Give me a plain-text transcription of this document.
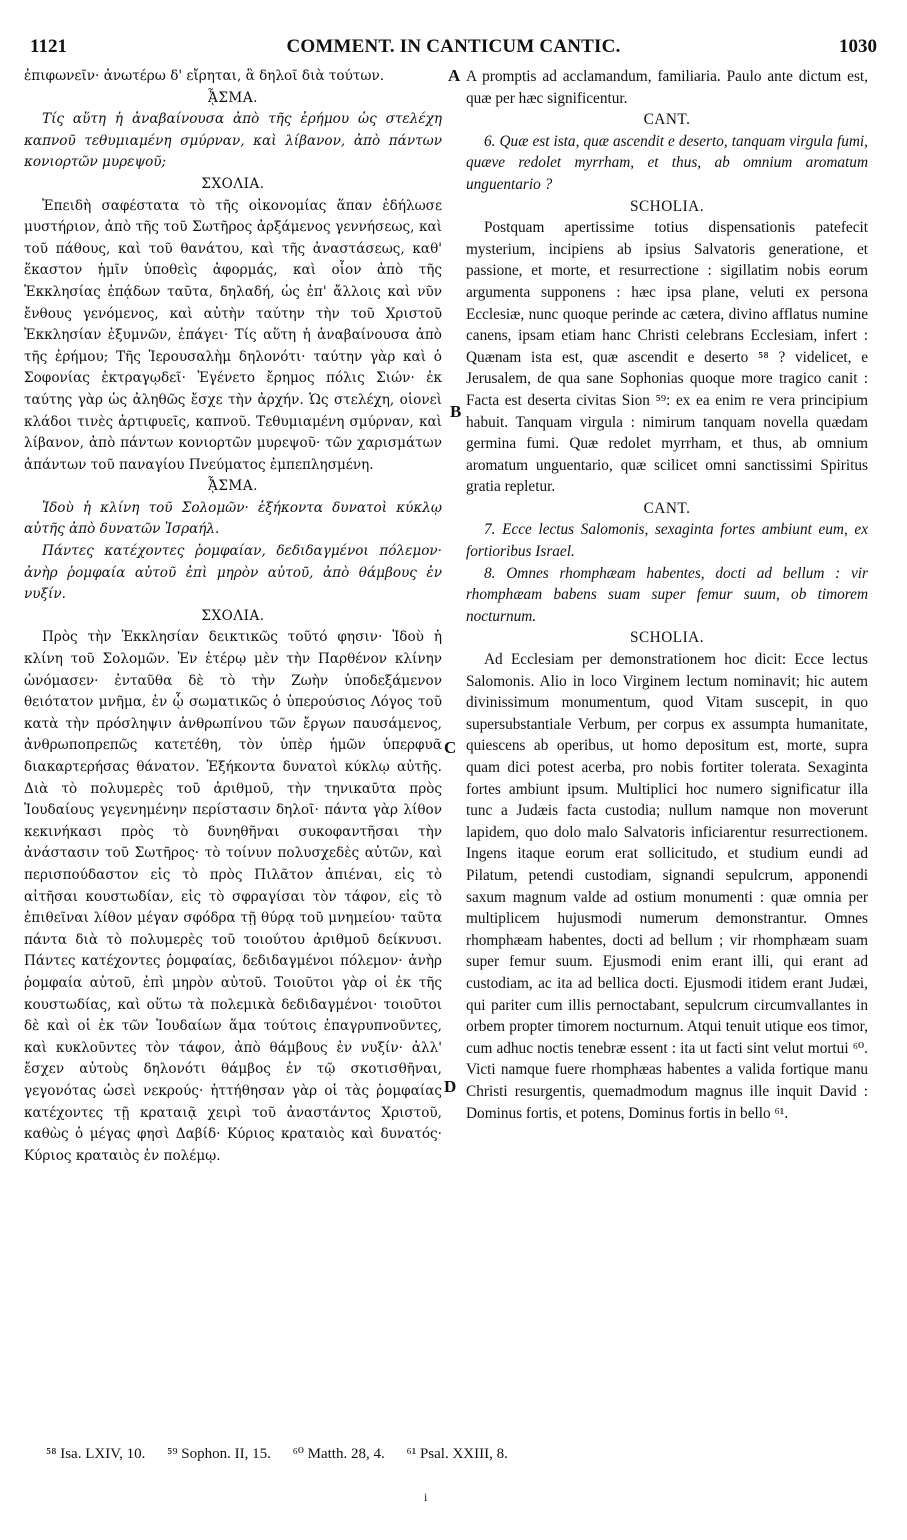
1121	COMMENT. IN CANTICUM CANTIC.	1030

ἐπιφωνεῖν· ἀνωτέρω δ' εἴρηται, ἃ δηλοῖ διὰ τούτων.

ᾎΣΜΑ.

Τίς αὕτη ἡ ἀναβαίνουσα ἀπὸ τῆς ἐρήμου ὡς στελέχη καπνοῦ τεθυμιαμένη σμύρναν, καὶ λίβανον, ἀπὸ πάντων κονιορτῶν μυρεψοῦ;

ΣΧΟΛΙΑ.

Ἐπειδὴ σαφέστατα τὸ τῆς οἰκονομίας ἅπαν ἐδήλωσε μυστήριον, ἀπὸ τῆς τοῦ Σωτῆρος ἀρξάμενος γεννήσεως, καὶ τοῦ πάθους, καὶ τοῦ θανάτου, καὶ τῆς ἀναστάσεως, καθ' ἕκαστον ἡμῖν ὑποθεὶς ἀφορμάς, καὶ οἷον ἀπὸ τῆς Ἐκκλησίας ἐπᾴδων ταῦτα, δηλαδή, ὡς ἐπ' ἄλλοις καὶ νῦν ἔνθους γενόμενος, καὶ αὐτὴν ταύτην τὴν τοῦ Χριστοῦ Ἐκκλησίαν ἐξυμνῶν, ἐπάγει· Τίς αὕτη ἡ ἀναβαίνουσα ἀπὸ τῆς ἐρήμου; Τῆς Ἱερουσαλὴμ δηλονότι· ταύτην γὰρ καὶ ὁ Σοφονίας ἐκτραγῳδεῖ· Ἐγένετο ἔρημος πόλις Σιών· ἐκ ταύτης γὰρ ὡς ἀληθῶς ἔσχε τὴν ἀρχήν. Ὡς στελέχη, οἱονεὶ κλάδοι τινὲς ἀρτιφυεῖς, καπνοῦ. Τεθυμιαμένη σμύρναν, καὶ λίβανον, ἀπὸ πάντων κονιορτῶν μυρεψοῦ· τῶν χαρισμάτων ἁπάντων τοῦ παναγίου Πνεύματος ἐμπεπλησμένη.

ᾎΣΜΑ.

Ἰδοὺ ἡ κλίνη τοῦ Σολομῶν· ἑξήκοντα δυνατοὶ κύκλῳ αὐτῆς ἀπὸ δυνατῶν Ἰσραήλ.

Πάντες κατέχοντες ῥομφαίαν, δεδιδαγμένοι πόλεμον· ἀνὴρ ῥομφαία αὐτοῦ ἐπὶ μηρὸν αὐτοῦ, ἀπὸ θάμβους ἐν νυξίν.

ΣΧΟΛΙΑ.

Πρὸς τὴν Ἐκκλησίαν δεικτικῶς τοῦτό φησιν· Ἰδοὺ ἡ κλίνη τοῦ Σολομῶν. Ἐν ἑτέρῳ μὲν τὴν Παρθένον κλίνην ὠνόμασεν· ἐνταῦθα δὲ τὸ τὴν Ζωὴν ὑποδεξάμενον θειότατον μνῆμα, ἐν ᾧ σωματικῶς ὁ ὑπερούσιος Λόγος τοῦ κατὰ τὴν πρόσληψιν ἀνθρωπίνου τῶν ἔργων παυσάμενος, ἀνθρωποπρεπῶς κατετέθη, τὸν ὑπὲρ ἡμῶν ὑπερφυᾶ διακαρτερήσας θάνατον. Ἑξήκοντα δυνατοὶ κύκλῳ αὐτῆς. Διὰ τὸ πολυμερὲς τοῦ ἀριθμοῦ, τὴν τηνικαῦτα πρὸς Ἰουδαίους γεγενημένην περίστασιν δηλοῖ· πάντα γὰρ λίθον κεκινήκασι πρὸς τὸ δυνηθῆναι συκοφαντῆσαι τὴν ἀνάστασιν τοῦ Σωτῆρος· τὸ τοίνυν πολυσχεδὲς αὐτῶν, καὶ περισπούδαστον εἰς τὸ πρὸς Πιλᾶτον ἀπιέναι, εἰς τὸ αἰτῆσαι κουστωδίαν, εἰς τὸ σφραγίσαι τὸν τάφον, εἰς τὸ ἐπιθεῖναι λίθον μέγαν σφόδρα τῇ θύρᾳ τοῦ μνημείου· ταῦτα πάντα διὰ τὸ πολυμερὲς τοῦ τοιούτου ἀριθμοῦ δείκνυσι. Πάντες κατέχοντες ῥομφαίας, δεδιδαγμένοι πόλεμον· ἀνὴρ ῥομφαία αὐτοῦ, ἐπὶ μηρὸν αὐτοῦ. Τοιοῦτοι γὰρ οἱ ἐκ τῆς κουστωδίας, καὶ οὕτω τὰ πολεμικὰ δεδιδαγμένοι· τοιοῦτοι δὲ καὶ οἱ ἐκ τῶν Ἰουδαίων ἅμα τούτοις ἐπαγρυπνοῦντες, καὶ κυκλοῦντες τὸν τάφον, ἀπὸ θάμβους ἐν νυξίν· ἀλλ' ἔσχεν αὐτοὺς δηλονότι θάμβος ἐν τῷ σκοτισθῆναι, γεγονότας ὡσεὶ νεκρούς· ἡττήθησαν γὰρ οἱ τὰς ῥομφαίας κατέχοντες τῇ κραταιᾷ χειρὶ τοῦ ἀναστάντος Χριστοῦ, καθὼς ὁ μέγας φησὶ Δαβίδ· Κύριος κραταιὸς καὶ δυνατός· Κύριος κραταιὸς ἐν πολέμῳ.

A
B
C
D

A promptis ad acclamandum, familiaria. Paulo ante dictum est, quæ per hæc significentur.

CANT.

6. Quæ est ista, quæ ascendit e deserto, tanquam virgula fumi, quæve redolet myrrham, et thus, ab omnium aromatum unguentario ?

SCHOLIA.

Postquam apertissime totius dispensationis patefecit mysterium, incipiens ab ipsius Salvatoris generatione, et passione, et morte, et resurrectione : sigillatim nobis eorum argumenta supponens : hæc ipsa plane, veluti ex persona Ecclesiæ, nunc quoque perinde ac cætera, divino afflatus numine canens, ipsam etiam hanc Christi celebrans Ecclesiam, infert : Quænam ista est, quæ ascendit e deserto ⁵⁸ ? videlicet, e Jerusalem, de qua sane Sophonias quoque more tragico canit : Facta est deserta civitas Sion ⁵⁹: ex ea enim re vera principium habuit. Tanquam virgula : nimirum tanquam novella quædam germina fumi. Quæ redolet myrrham, et thus, ab omnium aromatum unguentario, quæ scilicet omni sanctissimi Spiritus gratia repletur.

CANT.

7. Ecce lectus Salomonis, sexaginta fortes ambiunt eum, ex fortioribus Israel.

8. Omnes rhomphæam habentes, docti ad bellum : vir rhomphæam babens suam super femur suum, ob timorem nocturnum.

SCHOLIA.

Ad Ecclesiam per demonstrationem hoc dicit: Ecce lectus Salomonis. Alio in loco Virginem lectum nominavit; hic autem divinissimum monumentum, quod Vitam suscepit, in quo supersubstantiale Verbum, per corpus ex assumpta humanitate, quiescens ab operibus, ut homo depositum est, morte, supra quam dici potest acerba, pro nobis fortiter tolerata. Sexaginta fortes ambiunt ipsum. Multiplici hoc numero significatur illa tunc a Judæis facta custodia; nullum namque non moverunt lapidem, quo dolo malo Salvatoris inficiarentur resurrectionem. Ingens itaque eorum erat sollicitudo, et studium eundi ad Pilatum, petendi custodiam, signandi sepulcrum, apponendi saxum magnum valde ad ostium monumenti : quæ omnia per multiplicem hujusmodi numerum demonstrantur. Omnes rhomphæam habentes, docti ad bellum ; vir rhomphæam suam super femur suum. Ejusmodi enim erant illi, qui erant ad custodiam, ac ita ad bellica docti. Ejusmodi itidem erant Judæi, qui pariter cum illis pernoctabant, sepulcrum circumvallantes in orbem propter timorem nocturnum. Atqui tenuit utique eos timor, cum adhuc noctis tenebræ essent : ita ut facti sint velut mortui ⁶⁰. Victi namque fuere rhomphæas habentes a valida fortique manu Christi resurgentis, quemadmodum magnus ille inquit David : Dominus fortis, et potens, Dominus fortis in bello ⁶¹.

⁵⁸ Isa. LXIV, 10. ⁵⁹ Sophon. II, 15. ⁶⁰ Matth. 28, 4. ⁶¹ Psal. XXIII, 8.
i
